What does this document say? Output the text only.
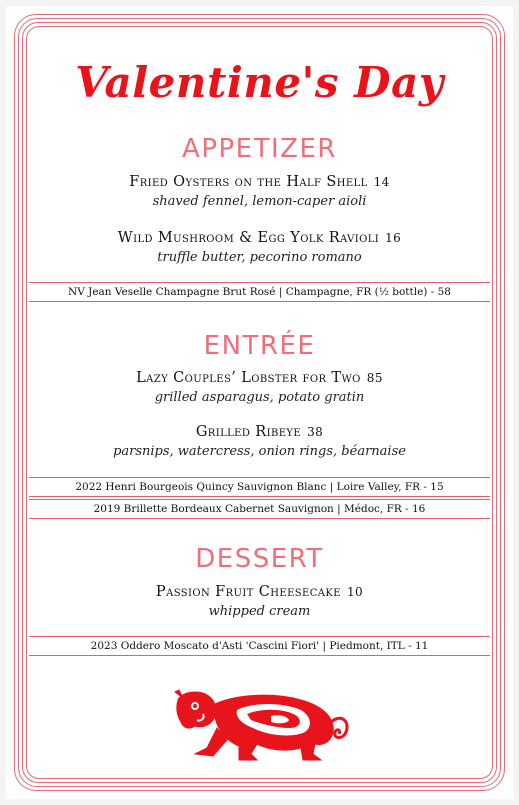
Valentine's Day
APPETIZER
Fried Oysters on the Half Shell 14
shaved fennel, lemon-caper aioli
Wild Mushroom & Egg Yolk Ravioli 16
truffle butter, pecorino romano
NV Jean Veselle Champagne Brut Rosé | Champagne, FR (½ bottle) - 58
ENTRÉE
Lazy Couples’ Lobster for Two 85
grilled asparagus, potato gratin
Grilled Ribeye 38
parsnips, watercress, onion rings, béarnaise
2022 Henri Bourgeois Quincy Sauvignon Blanc | Loire Valley, FR - 15
2019 Brillette Bordeaux Cabernet Sauvignon | Médoc, FR - 16
DESSERT
Passion Fruit Cheesecake 10
whipped cream
2023 Oddero Moscato d'Asti 'Cascini Fiori' | Piedmont, ITL - 11
